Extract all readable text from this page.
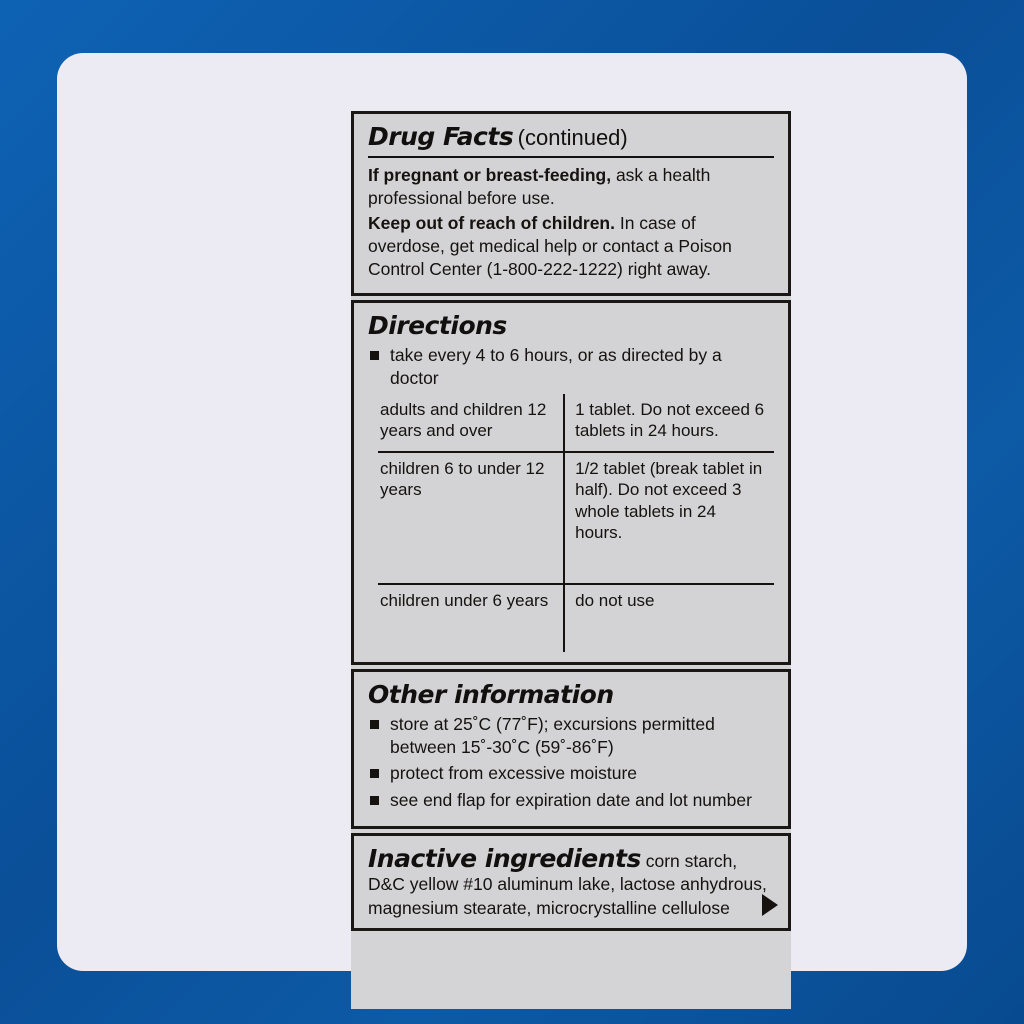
Drug Facts (continued)

If pregnant or breast-feeding, ask a health professional before use.

Keep out of reach of children. In case of overdose, get medical help or contact a Poison Control Center (1-800-222-1222) right away.

Directions
take every 4 to 6 hours, or as directed by a doctor
adults and children 12 years and over	1 tablet. Do not exceed 6 tablets in 24 hours.
children 6 to under 12 years	1/2 tablet (break tablet in half). Do not exceed 3 whole tablets in 24 hours.
children under 6 years	do not use
Other information
store at 25˚C (77˚F); excursions permitted between 15˚-30˚C (59˚-86˚F)
protect from excessive moisture
see end flap for expiration date and lot number
Inactive ingredients corn starch, D&C yellow #10 aluminum lake, lactose anhydrous, magnesium stearate, microcrystalline cellulose
